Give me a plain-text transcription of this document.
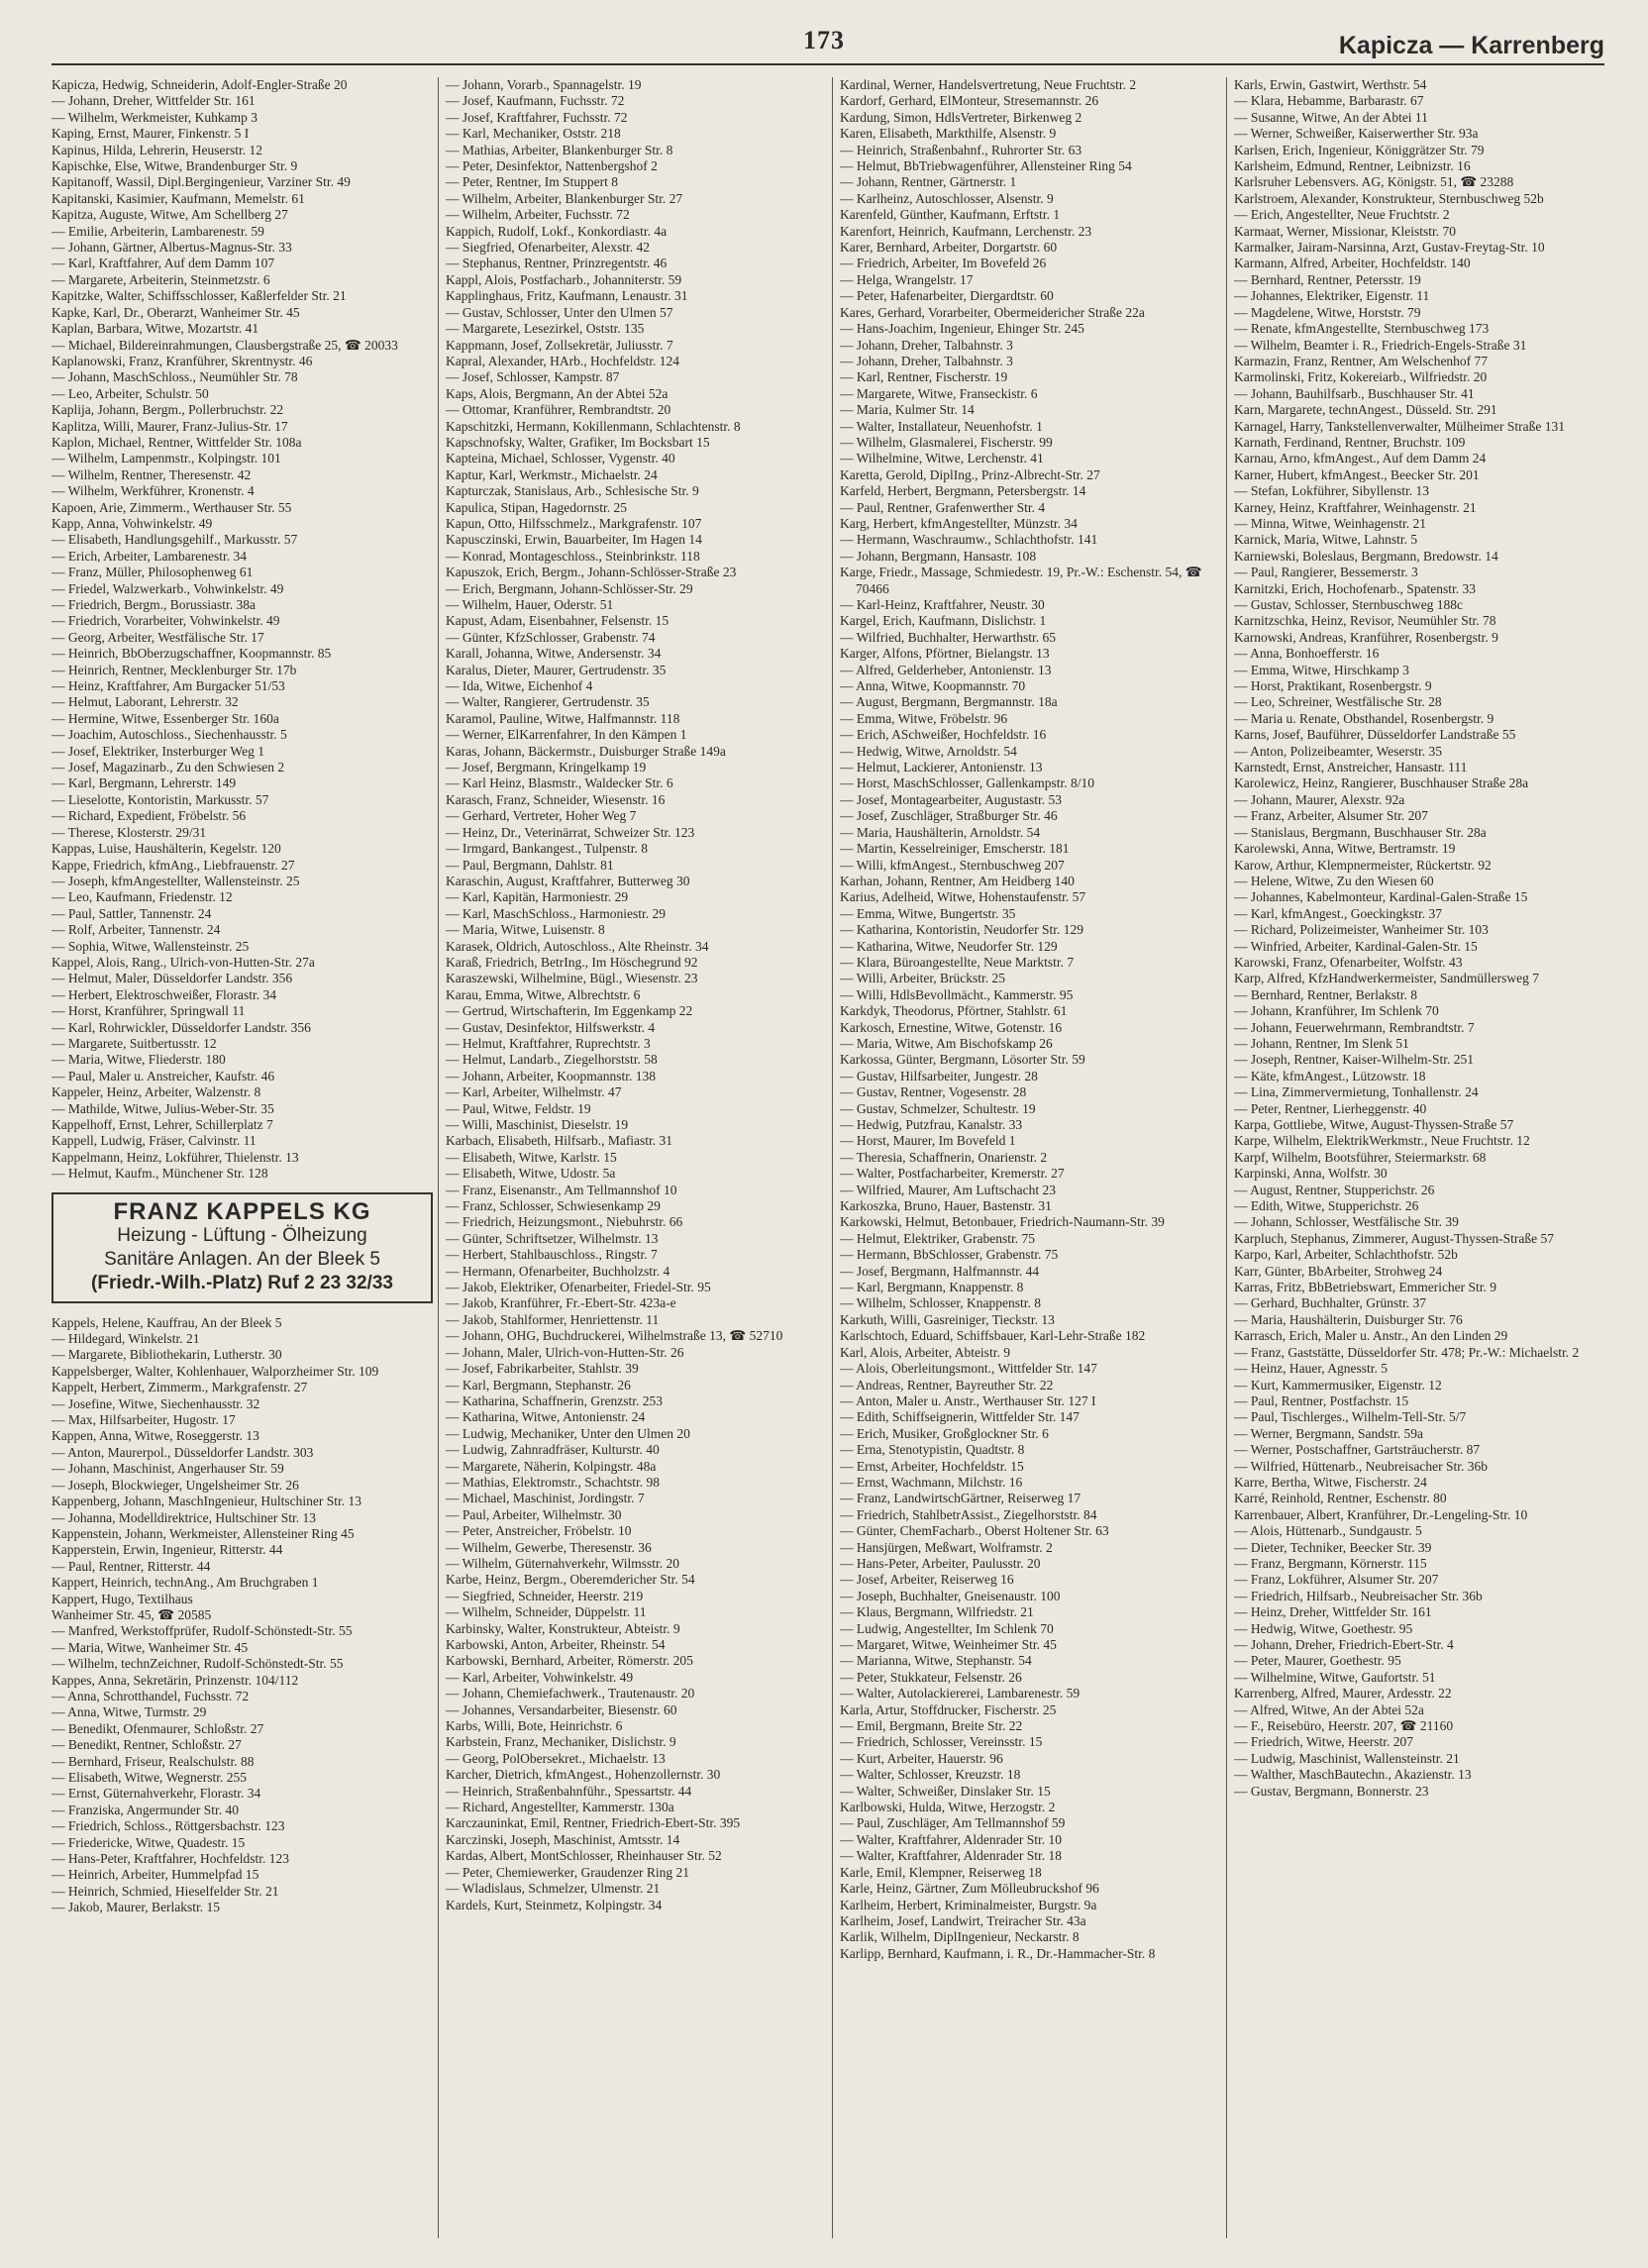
173	Kapicza — Karrenberg
Kapicza, Hedwig, Schneiderin, Adolf-Engler-Straße 20
— Johann, Dreher, Wittfelder Str. 161
— Wilhelm, Werkmeister, Kuhkamp 3
Kaping, Ernst, Maurer, Finkenstr. 5 I
Kapinus, Hilda, Lehrerin, Heuserstr. 12
Kapischke, Else, Witwe, Brandenburger Str. 9
Kapitanoff, Wassil, Dipl.Bergingenieur, Varziner Str. 49
Kapitanski, Kasimier, Kaufmann, Memelstr. 61
Kapitza, Auguste, Witwe, Am Schellberg 27
— Emilie, Arbeiterin, Lambarenestr. 59
— Johann, Gärtner, Albertus-Magnus-Str. 33
— Karl, Kraftfahrer, Auf dem Damm 107
— Margarete, Arbeiterin, Steinmetzstr. 6
Kapitzke, Walter, Schiffsschlosser, Kaßlerfelder Str. 21
Kapke, Karl, Dr., Oberarzt, Wanheimer Str. 45
Kaplan, Barbara, Witwe, Mozartstr. 41
— Michael, Bildereinrahmungen, Clausbergstraße 25, ☎ 20033
Kaplanowski, Franz, Kranführer, Skrentnystr. 46
— Johann, MaschSchloss., Neumühler Str. 78
— Leo, Arbeiter, Schulstr. 50
Kaplija, Johann, Bergm., Pollerbruchstr. 22
Kaplitza, Willi, Maurer, Franz-Julius-Str. 17
Kaplon, Michael, Rentner, Wittfelder Str. 108a
— Wilhelm, Lampenmstr., Kolpingstr. 101
— Wilhelm, Rentner, Theresenstr. 42
— Wilhelm, Werkführer, Kronenstr. 4
Kapoen, Arie, Zimmerm., Werthauser Str. 55
Kapp, Anna, Vohwinkelstr. 49
— Elisabeth, Handlungsgehilf., Markusstr. 57
— Erich, Arbeiter, Lambarenestr. 34
— Franz, Müller, Philosophenweg 61
— Friedel, Walzwerkarb., Vohwinkelstr. 49
— Friedrich, Bergm., Borussiastr. 38a
— Friedrich, Vorarbeiter, Vohwinkelstr. 49
— Georg, Arbeiter, Westfälische Str. 17
— Heinrich, BbOberzugschaffner, Koopmannstr. 85
— Heinrich, Rentner, Mecklenburger Str. 17b
— Heinz, Kraftfahrer, Am Burgacker 51/53
— Helmut, Laborant, Lehrerstr. 32
— Hermine, Witwe, Essenberger Str. 160a
— Joachim, Autoschloss., Siechenhausstr. 5
— Josef, Elektriker, Insterburger Weg 1
— Josef, Magazinarb., Zu den Schwiesen 2
— Karl, Bergmann, Lehrerstr. 149
— Lieselotte, Kontoristin, Markusstr. 57
— Richard, Expedient, Fröbelstr. 56
— Therese, Klosterstr. 29/31
Kappas, Luise, Haushälterin, Kegelstr. 120
Kappe, Friedrich, kfmAng., Liebfrauenstr. 27
— Joseph, kfmAngestellter, Wallensteinstr. 25
— Leo, Kaufmann, Friedenstr. 12
— Paul, Sattler, Tannenstr. 24
— Rolf, Arbeiter, Tannenstr. 24
— Sophia, Witwe, Wallensteinstr. 25
Kappel, Alois, Rang., Ulrich-von-Hutten-Str. 27a
— Helmut, Maler, Düsseldorfer Landstr. 356
— Herbert, Elektroschweißer, Florastr. 34
— Horst, Kranführer, Springwall 11
— Karl, Rohrwickler, Düsseldorfer Landstr. 356
— Margarete, Suitbertusstr. 12
— Maria, Witwe, Fliederstr. 180
— Paul, Maler u. Anstreicher, Kaufstr. 46
Kappeler, Heinz, Arbeiter, Walzenstr. 8
— Mathilde, Witwe, Julius-Weber-Str. 35
Kappelhoff, Ernst, Lehrer, Schillerplatz 7
Kappell, Ludwig, Fräser, Calvinstr. 11
Kappelmann, Heinz, Lokführer, Thielenstr. 13
— Helmut, Kaufm., Münchener Str. 128
FRANZ KAPPELS KG
Heizung - Lüftung - Ölheizung
Sanitäre Anlagen. An der Bleek 5
(Friedr.-Wilh.-Platz) Ruf 2 23 32/33
Kappels, Helene, Kauffrau, An der Bleek 5
— Hildegard, Winkelstr. 21
— Margarete, Bibliothekarin, Lutherstr. 30
Kappelsberger, Walter, Kohlenhauer, Walporzheimer Str. 109
Kappelt, Herbert, Zimmerm., Markgrafenstr. 27
— Josefine, Witwe, Siechenhausstr. 32
— Max, Hilfsarbeiter, Hugostr. 17
Kappen, Anna, Witwe, Roseggerstr. 13
— Anton, Maurerpol., Düsseldorfer Landstr. 303
— Johann, Maschinist, Angerhauser Str. 59
— Joseph, Blockwieger, Ungelsheimer Str. 26
Kappenberg, Johann, MaschIngenieur, Hultschiner Str. 13
— Johanna, Modelldirektrice, Hultschiner Str. 13
Kappenstein, Johann, Werkmeister, Allensteiner Ring 45
Kapperstein, Erwin, Ingenieur, Ritterstr. 44
— Paul, Rentner, Ritterstr. 44
Kappert, Heinrich, technAng., Am Bruchgraben 1
Kappert, Hugo, Textilhaus
Wanheimer Str. 45, ☎ 20585
— Manfred, Werkstoffprüfer, Rudolf-Schönstedt-Str. 55
— Maria, Witwe, Wanheimer Str. 45
— Wilhelm, technZeichner, Rudolf-Schönstedt-Str. 55
Kappes, Anna, Sekretärin, Prinzenstr. 104/112
— Anna, Schrotthandel, Fuchsstr. 72
— Anna, Witwe, Turmstr. 29
— Benedikt, Ofenmaurer, Schloßstr. 27
— Benedikt, Rentner, Schloßstr. 27
— Bernhard, Friseur, Realschulstr. 88
— Elisabeth, Witwe, Wegnerstr. 255
— Ernst, Güternahverkehr, Florastr. 34
— Franziska, Angermunder Str. 40
— Friedrich, Schloss., Röttgersbachstr. 123
— Friedericke, Witwe, Quadestr. 15
— Hans-Peter, Kraftfahrer, Hochfeldstr. 123
— Heinrich, Arbeiter, Hummelpfad 15
— Heinrich, Schmied, Hieselfelder Str. 21
— Jakob, Maurer, Berlakstr. 15
— Johann, Vorarb., Spannagelstr. 19
— Josef, Kaufmann, Fuchsstr. 72
— Josef, Kraftfahrer, Fuchsstr. 72
— Karl, Mechaniker, Oststr. 218
— Mathias, Arbeiter, Blankenburger Str. 8
— Peter, Desinfektor, Nattenbergshof 2
— Peter, Rentner, Im Stuppert 8
— Wilhelm, Arbeiter, Blankenburger Str. 27
— Wilhelm, Arbeiter, Fuchsstr. 72
Kappich, Rudolf, Lokf., Konkordiastr. 4a
— Siegfried, Ofenarbeiter, Alexstr. 42
— Stephanus, Rentner, Prinzregentstr. 46
Kappl, Alois, Postfacharb., Johanniterstr. 59
Kapplinghaus, Fritz, Kaufmann, Lenaustr. 31
— Gustav, Schlosser, Unter den Ulmen 57
— Margarete, Lesezirkel, Oststr. 135
Kappmann, Josef, Zollsekretär, Juliusstr. 7
Kapral, Alexander, HArb., Hochfeldstr. 124
— Josef, Schlosser, Kampstr. 87
Kaps, Alois, Bergmann, An der Abtei 52a
— Ottomar, Kranführer, Rembrandtstr. 20
Kapschitzki, Hermann, Kokillenmann, Schlachtenstr. 8
Kapschnofsky, Walter, Grafiker, Im Bocksbart 15
Kapteina, Michael, Schlosser, Vygenstr. 40
Kaptur, Karl, Werkmstr., Michaelstr. 24
Kapturczak, Stanislaus, Arb., Schlesische Str. 9
Kapulica, Stipan, Hagedornstr. 25
Kapun, Otto, Hilfsschmelz., Markgrafenstr. 107
Kapusczinski, Erwin, Bauarbeiter, Im Hagen 14
— Konrad, Montageschloss., Steinbrinkstr. 118
Kapuszok, Erich, Bergm., Johann-Schlösser-Straße 23
— Erich, Bergmann, Johann-Schlösser-Str. 29
— Wilhelm, Hauer, Oderstr. 51
Kapust, Adam, Eisenbahner, Felsenstr. 15
— Günter, KfzSchlosser, Grabenstr. 74
Karall, Johanna, Witwe, Andersenstr. 34
Karalus, Dieter, Maurer, Gertrudenstr. 35
— Ida, Witwe, Eichenhof 4
— Walter, Rangierer, Gertrudenstr. 35
Karamol, Pauline, Witwe, Halfmannstr. 118
— Werner, ElKarrenfahrer, In den Kämpen 1
Karas, Johann, Bäckermstr., Duisburger Straße 149a
— Josef, Bergmann, Kringelkamp 19
— Karl Heinz, Blasmstr., Waldecker Str. 6
Karasch, Franz, Schneider, Wiesenstr. 16
— Gerhard, Vertreter, Hoher Weg 7
— Heinz, Dr., Veterinärrat, Schweizer Str. 123
— Irmgard, Bankangest., Tulpenstr. 8
— Paul, Bergmann, Dahlstr. 81
Karaschin, August, Kraftfahrer, Butterweg 30
— Karl, Kapitän, Harmoniestr. 29
— Karl, MaschSchloss., Harmoniestr. 29
— Maria, Witwe, Luisenstr. 8
Karasek, Oldrich, Autoschloss., Alte Rheinstr. 34
Karaß, Friedrich, BetrIng., Im Höschegrund 92
Karaszewski, Wilhelmine, Bügl., Wiesenstr. 23
Karau, Emma, Witwe, Albrechtstr. 6
— Gertrud, Wirtschafterin, Im Eggenkamp 22
— Gustav, Desinfektor, Hilfswerkstr. 4
— Helmut, Kraftfahrer, Ruprechtstr. 3
— Helmut, Landarb., Ziegelhorststr. 58
— Johann, Arbeiter, Koopmannstr. 138
— Karl, Arbeiter, Wilhelmstr. 47
— Paul, Witwe, Feldstr. 19
— Willi, Maschinist, Dieselstr. 19
Karbach, Elisabeth, Hilfsarb., Mafiastr. 31
— Elisabeth, Witwe, Karlstr. 15
— Elisabeth, Witwe, Udostr. 5a
— Franz, Eisenanstr., Am Tellmannshof 10
— Franz, Schlosser, Schwiesenkamp 29
— Friedrich, Heizungsmont., Niebuhrstr. 66
— Günter, Schriftsetzer, Wilhelmstr. 13
— Herbert, Stahlbauschloss., Ringstr. 7
— Hermann, Ofenarbeiter, Buchholzstr. 4
— Jakob, Elektriker, Ofenarbeiter, Friedel-Str. 95
— Jakob, Kranführer, Fr.-Ebert-Str. 423a-e
— Jakob, Stahlformer, Henriettenstr. 11
— Johann, OHG, Buchdruckerei, Wilhelmstraße 13, ☎ 52710
— Johann, Maler, Ulrich-von-Hutten-Str. 26
— Josef, Fabrikarbeiter, Stahlstr. 39
— Karl, Bergmann, Stephanstr. 26
— Katharina, Schaffnerin, Grenzstr. 253
— Katharina, Witwe, Antonienstr. 24
— Ludwig, Mechaniker, Unter den Ulmen 20
— Ludwig, Zahnradfräser, Kulturstr. 40
— Margarete, Näherin, Kolpingstr. 48a
— Mathias, Elektromstr., Schachtstr. 98
— Michael, Maschinist, Jordingstr. 7
— Paul, Arbeiter, Wilhelmstr. 30
— Peter, Anstreicher, Fröbelstr. 10
— Wilhelm, Gewerbe, Theresenstr. 36
— Wilhelm, Güternahverkehr, Wilmsstr. 20
Karbe, Heinz, Bergm., Oberemdericher Str. 54
— Siegfried, Schneider, Heerstr. 219
— Wilhelm, Schneider, Düppelstr. 11
Karbinsky, Walter, Konstrukteur, Abteistr. 9
Karbowski, Anton, Arbeiter, Rheinstr. 54
Karbowski, Bernhard, Arbeiter, Römerstr. 205
— Karl, Arbeiter, Vohwinkelstr. 49
— Johann, Chemiefachwerk., Trautenaustr. 20
— Johannes, Versandarbeiter, Biesenstr. 60
Karbs, Willi, Bote, Heinrichstr. 6
Karbstein, Franz, Mechaniker, Dislichstr. 9
— Georg, PolObersekret., Michaelstr. 13
Karcher, Dietrich, kfmAngest., Hohenzollernstr. 30
— Heinrich, Straßenbahnführ., Spessartstr. 44
— Richard, Angestellter, Kammerstr. 130a
Karczauninkat, Emil, Rentner, Friedrich-Ebert-Str. 395
Karczinski, Joseph, Maschinist, Amtsstr. 14
Kardas, Albert, MontSchlosser, Rheinhauser Str. 52
— Peter, Chemiewerker, Graudenzer Ring 21
— Wladislaus, Schmelzer, Ulmenstr. 21
Kardels, Kurt, Steinmetz, Kolpingstr. 34
Kardinal, Werner, Handelsvertretung, Neue Fruchtstr. 2
Kardorf, Gerhard, ElMonteur, Stresemannstr. 26
Kardung, Simon, HdlsVertreter, Birkenweg 2
Karen, Elisabeth, Markthilfe, Alsenstr. 9
— Heinrich, Straßenbahnf., Ruhrorter Str. 63
— Helmut, BbTriebwagenführer, Allensteiner Ring 54
— Johann, Rentner, Gärtnerstr. 1
— Karlheinz, Autoschlosser, Alsenstr. 9
Karenfeld, Günther, Kaufmann, Erftstr. 1
Karenfort, Heinrich, Kaufmann, Lerchenstr. 23
Karer, Bernhard, Arbeiter, Dorgartstr. 60
— Friedrich, Arbeiter, Im Bovefeld 26
— Helga, Wrangelstr. 17
— Peter, Hafenarbeiter, Diergardtstr. 60
Kares, Gerhard, Vorarbeiter, Obermeidericher Straße 22a
— Hans-Joachim, Ingenieur, Ehinger Str. 245
— Johann, Dreher, Talbahnstr. 3
— Johann, Dreher, Talbahnstr. 3
— Karl, Rentner, Fischerstr. 19
— Margarete, Witwe, Franseckistr. 6
— Maria, Kulmer Str. 14
— Walter, Installateur, Neuenhofstr. 1
— Wilhelm, Glasmalerei, Fischerstr. 99
— Wilhelmine, Witwe, Lerchenstr. 41
Karetta, Gerold, DiplIng., Prinz-Albrecht-Str. 27
Karfeld, Herbert, Bergmann, Petersbergstr. 14
— Paul, Rentner, Grafenwerther Str. 4
Karg, Herbert, kfmAngestellter, Münzstr. 34
— Hermann, Waschraumw., Schlachthofstr. 141
— Johann, Bergmann, Hansastr. 108
Karge, Friedr., Massage, Schmiedestr. 19, Pr.-W.: Eschenstr. 54, ☎ 70466
— Karl-Heinz, Kraftfahrer, Neustr. 30
Kargel, Erich, Kaufmann, Dislichstr. 1
— Wilfried, Buchhalter, Herwarthstr. 65
Karger, Alfons, Pförtner, Bielangstr. 13
— Alfred, Gelderheber, Antonienstr. 13
— Anna, Witwe, Koopmannstr. 70
— August, Bergmann, Bergmannstr. 18a
— Emma, Witwe, Fröbelstr. 96
— Erich, ASchweißer, Hochfeldstr. 16
— Hedwig, Witwe, Arnoldstr. 54
— Helmut, Lackierer, Antonienstr. 13
— Horst, MaschSchlosser, Gallenkampstr. 8/10
— Josef, Montagearbeiter, Augustastr. 53
— Josef, Zuschläger, Straßburger Str. 46
— Maria, Haushälterin, Arnoldstr. 54
— Martin, Kesselreiniger, Emscherstr. 181
— Willi, kfmAngest., Sternbuschweg 207
Karhan, Johann, Rentner, Am Heidberg 140
Karius, Adelheid, Witwe, Hohenstaufenstr. 57
— Emma, Witwe, Bungertstr. 35
— Katharina, Kontoristin, Neudorfer Str. 129
— Katharina, Witwe, Neudorfer Str. 129
— Klara, Büroangestellte, Neue Marktstr. 7
— Willi, Arbeiter, Brückstr. 25
— Willi, HdlsBevollmächt., Kammerstr. 95
Karkdyk, Theodorus, Pförtner, Stahlstr. 61
Karkosch, Ernestine, Witwe, Gotenstr. 16
— Maria, Witwe, Am Bischofskamp 26
Karkossa, Günter, Bergmann, Lösorter Str. 59
— Gustav, Hilfsarbeiter, Jungestr. 28
— Gustav, Rentner, Vogesenstr. 28
— Gustav, Schmelzer, Schultestr. 19
— Hedwig, Putzfrau, Kanalstr. 33
— Horst, Maurer, Im Bovefeld 1
— Theresia, Schaffnerin, Onarienstr. 2
— Walter, Postfacharbeiter, Kremerstr. 27
— Wilfried, Maurer, Am Luftschacht 23
Karkoszka, Bruno, Hauer, Bastenstr. 31
Karkowski, Helmut, Betonbauer, Friedrich-Naumann-Str. 39
— Helmut, Elektriker, Grabenstr. 75
— Hermann, BbSchlosser, Grabenstr. 75
— Josef, Bergmann, Halfmannstr. 44
— Karl, Bergmann, Knappenstr. 8
— Wilhelm, Schlosser, Knappenstr. 8
Karkuth, Willi, Gasreiniger, Tieckstr. 13
Karlschtoch, Eduard, Schiffsbauer, Karl-Lehr-Straße 182
Karl, Alois, Arbeiter, Abteistr. 9
— Alois, Oberleitungsmont., Wittfelder Str. 147
— Andreas, Rentner, Bayreuther Str. 22
— Anton, Maler u. Anstr., Werthauser Str. 127 I
— Edith, Schiffseignerin, Wittfelder Str. 147
— Erich, Musiker, Großglockner Str. 6
— Erna, Stenotypistin, Quadtstr. 8
— Ernst, Arbeiter, Hochfeldstr. 15
— Ernst, Wachmann, Milchstr. 16
— Franz, LandwirtschGärtner, Reiserweg 17
— Friedrich, StahlbetrAssist., Ziegelhorststr. 84
— Günter, ChemFacharb., Oberst Holtener Str. 63
— Hansjürgen, Meßwart, Wolframstr. 2
— Hans-Peter, Arbeiter, Paulusstr. 20
— Josef, Arbeiter, Reiserweg 16
— Joseph, Buchhalter, Gneisenaustr. 100
— Klaus, Bergmann, Wilfriedstr. 21
— Ludwig, Angestellter, Im Schlenk 70
— Margaret, Witwe, Weinheimer Str. 45
— Marianna, Witwe, Stephanstr. 54
— Peter, Stukkateur, Felsenstr. 26
— Walter, Autolackiererei, Lambarenestr. 59
Karla, Artur, Stoffdrucker, Fischerstr. 25
— Emil, Bergmann, Breite Str. 22
— Friedrich, Schlosser, Vereinsstr. 15
— Kurt, Arbeiter, Hauerstr. 96
— Walter, Schlosser, Kreuzstr. 18
— Walter, Schweißer, Dinslaker Str. 15
Karlbowski, Hulda, Witwe, Herzogstr. 2
— Paul, Zuschläger, Am Tellmannshof 59
— Walter, Kraftfahrer, Aldenrader Str. 10
— Walter, Kraftfahrer, Aldenrader Str. 18
Karle, Emil, Klempner, Reiserweg 18
Karle, Heinz, Gärtner, Zum Mölleubruckshof 96
Karlheim, Herbert, Kriminalmeister, Burgstr. 9a
Karlheim, Josef, Landwirt, Treiracher Str. 43a
Karlik, Wilhelm, DiplIngenieur, Neckarstr. 8
Karlipp, Bernhard, Kaufmann, i. R., Dr.-Hammacher-Str. 8
Karls, Erwin, Gastwirt, Werthstr. 54
— Klara, Hebamme, Barbarastr. 67
— Susanne, Witwe, An der Abtei 11
— Werner, Schweißer, Kaiserwerther Str. 93a
Karlsen, Erich, Ingenieur, Königgrätzer Str. 79
Karlsheim, Edmund, Rentner, Leibnizstr. 16
Karlsruher Lebensvers. AG, Königstr. 51, ☎ 23288
Karlstroem, Alexander, Konstrukteur, Sternbuschweg 52b
— Erich, Angestellter, Neue Fruchtstr. 2
Karmaat, Werner, Missionar, Kleiststr. 70
Karmalker, Jairam-Narsinna, Arzt, Gustav-Freytag-Str. 10
Karmann, Alfred, Arbeiter, Hochfeldstr. 140
— Bernhard, Rentner, Petersstr. 19
— Johannes, Elektriker, Eigenstr. 11
— Magdelene, Witwe, Horststr. 79
— Renate, kfmAngestellte, Sternbuschweg 173
— Wilhelm, Beamter i. R., Friedrich-Engels-Straße 31
Karmazin, Franz, Rentner, Am Welschenhof 77
Karmolinski, Fritz, Kokereiarb., Wilfriedstr. 20
— Johann, Bauhilfsarb., Buschhauser Str. 41
Karn, Margarete, technAngest., Düsseld. Str. 291
Karnagel, Harry, Tankstellenverwalter, Mülheimer Straße 131
Karnath, Ferdinand, Rentner, Bruchstr. 109
Karnau, Arno, kfmAngest., Auf dem Damm 24
Karner, Hubert, kfmAngest., Beecker Str. 201
— Stefan, Lokführer, Sibyllenstr. 13
Karney, Heinz, Kraftfahrer, Weinhagenstr. 21
— Minna, Witwe, Weinhagenstr. 21
Karnick, Maria, Witwe, Lahnstr. 5
Karniewski, Boleslaus, Bergmann, Bredowstr. 14
— Paul, Rangierer, Bessemerstr. 3
Karnitzki, Erich, Hochofenarb., Spatenstr. 33
— Gustav, Schlosser, Sternbuschweg 188c
Karnitzschka, Heinz, Revisor, Neumühler Str. 78
Karnowski, Andreas, Kranführer, Rosenbergstr. 9
— Anna, Bonhoefferstr. 16
— Emma, Witwe, Hirschkamp 3
— Horst, Praktikant, Rosenbergstr. 9
— Leo, Schreiner, Westfälische Str. 28
— Maria u. Renate, Obsthandel, Rosenbergstr. 9
Karns, Josef, Bauführer, Düsseldorfer Landstraße 55
— Anton, Polizeibeamter, Weserstr. 35
Karnstedt, Ernst, Anstreicher, Hansastr. 111
Karolewicz, Heinz, Rangierer, Buschhauser Straße 28a
— Johann, Maurer, Alexstr. 92a
— Franz, Arbeiter, Alsumer Str. 207
— Stanislaus, Bergmann, Buschhauser Str. 28a
Karolewski, Anna, Witwe, Bertramstr. 19
Karow, Arthur, Klempnermeister, Rückertstr. 92
— Helene, Witwe, Zu den Wiesen 60
— Johannes, Kabelmonteur, Kardinal-Galen-Straße 15
— Karl, kfmAngest., Goeckingkstr. 37
— Richard, Polizeimeister, Wanheimer Str. 103
— Winfried, Arbeiter, Kardinal-Galen-Str. 15
Karowski, Franz, Ofenarbeiter, Wolfstr. 43
Karp, Alfred, KfzHandwerkermeister, Sandmüllersweg 7
— Bernhard, Rentner, Berlakstr. 8
— Johann, Kranführer, Im Schlenk 70
— Johann, Feuerwehrmann, Rembrandtstr. 7
— Johann, Rentner, Im Slenk 51
— Joseph, Rentner, Kaiser-Wilhelm-Str. 251
— Käte, kfmAngest., Lützowstr. 18
— Lina, Zimmervermietung, Tonhallenstr. 24
— Peter, Rentner, Lierheggenstr. 40
Karpa, Gottliebe, Witwe, August-Thyssen-Straße 57
Karpe, Wilhelm, ElektrikWerkmstr., Neue Fruchtstr. 12
Karpf, Wilhelm, Bootsführer, Steiermarkstr. 68
Karpinski, Anna, Wolfstr. 30
— August, Rentner, Stupperichstr. 26
— Edith, Witwe, Stupperichstr. 26
— Johann, Schlosser, Westfälische Str. 39
Karpluch, Stephanus, Zimmerer, August-Thyssen-Straße 57
Karpo, Karl, Arbeiter, Schlachthofstr. 52b
Karr, Günter, BbArbeiter, Strohweg 24
Karras, Fritz, BbBetriebswart, Emmericher Str. 9
— Gerhard, Buchhalter, Grünstr. 37
— Maria, Haushälterin, Duisburger Str. 76
Karrasch, Erich, Maler u. Anstr., An den Linden 29
— Franz, Gaststätte, Düsseldorfer Str. 478; Pr.-W.: Michaelstr. 2
— Heinz, Hauer, Agnesstr. 5
— Kurt, Kammermusiker, Eigenstr. 12
— Paul, Rentner, Postfachstr. 15
— Paul, Tischlerges., Wilhelm-Tell-Str. 5/7
— Werner, Bergmann, Sandstr. 59a
— Werner, Postschaffner, Gartsträucherstr. 87
— Wilfried, Hüttenarb., Neubreisacher Str. 36b
Karre, Bertha, Witwe, Fischerstr. 24
Karré, Reinhold, Rentner, Eschenstr. 80
Karrenbauer, Albert, Kranführer, Dr.-Lengeling-Str. 10
— Alois, Hüttenarb., Sundgaustr. 5
— Dieter, Techniker, Beecker Str. 39
— Franz, Bergmann, Körnerstr. 115
— Franz, Lokführer, Alsumer Str. 207
— Friedrich, Hilfsarb., Neubreisacher Str. 36b
— Heinz, Dreher, Wittfelder Str. 161
— Hedwig, Witwe, Goethestr. 95
— Johann, Dreher, Friedrich-Ebert-Str. 4
— Peter, Maurer, Goethestr. 95
— Wilhelmine, Witwe, Gaufortstr. 51
Karrenberg, Alfred, Maurer, Ardesstr. 22
— Alfred, Witwe, An der Abtei 52a
— F., Reisebüro, Heerstr. 207, ☎ 21160
— Friedrich, Witwe, Heerstr. 207
— Ludwig, Maschinist, Wallensteinstr. 21
— Walther, MaschBautechn., Akazienstr. 13
— Gustav, Bergmann, Bonnerstr. 23
